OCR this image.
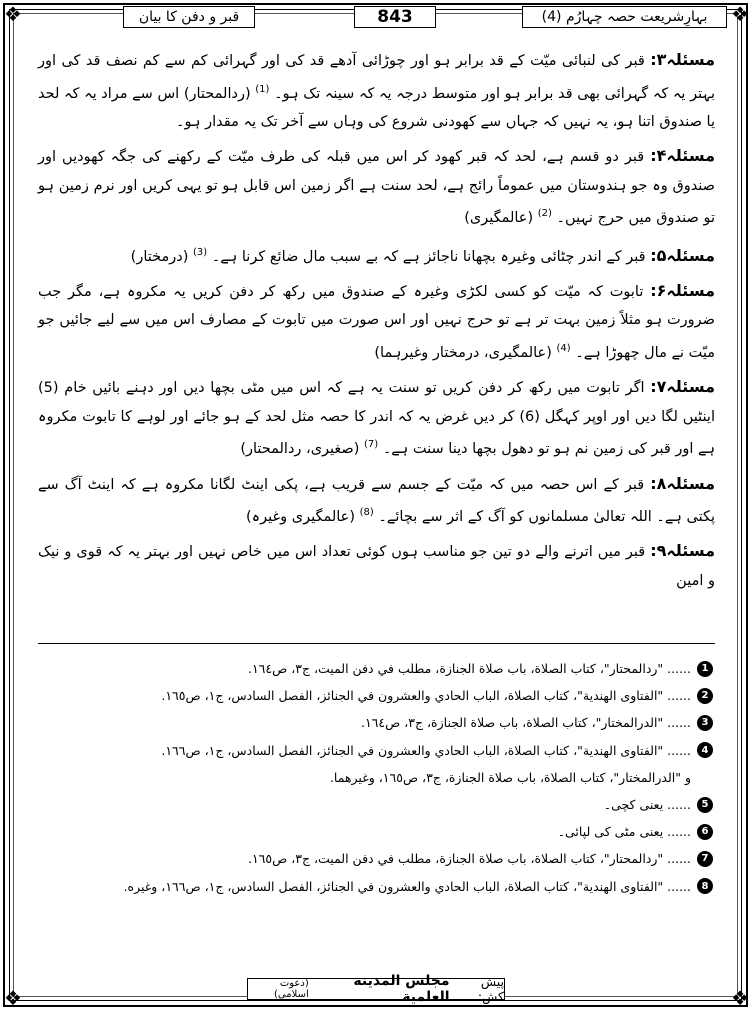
❖	❖
❖	❖
قبر و دفن کا بیان	843	بہارِشریعت حصہ چہارُم (4)

مسئلہ۳: قبر کی لنبائی میّت کے قد برابر ہو اور چوڑائی آدھے قد کی اور گہرائی کم سے کم نصف قد کی اور بہتر یہ کہ گہرائی بھی قد برابر ہو اور متوسط درجہ یہ کہ سینہ تک ہو۔ $^{(1)}$ (ردالمحتار) اس سے مراد یہ کہ لحد یا صندوق اتنا ہو، یہ نہیں کہ جہاں سے کھودنی شروع کی وہاں سے آخر تک یہ مقدار ہو۔

مسئلہ۴: قبر دو قسم ہے، لحد کہ قبر کھود کر اس میں قبلہ کی طرف میّت کے رکھنے کی جگہ کھودیں اور صندوق وہ جو ہندوستان میں عموماً رائج ہے، لحد سنت ہے اگر زمین اس قابل ہو تو یہی کریں اور نرم زمین ہو تو صندوق میں حرج نہیں۔ $^{(2)}$ (عالمگیری)

مسئلہ۵: قبر کے اندر چٹائی وغیرہ بچھانا ناجائز ہے کہ بے سبب مال ضائع کرنا ہے۔ $^{(3)}$ (درمختار)

مسئلہ۶: تابوت کہ میّت کو کسی لکڑی وغیرہ کے صندوق میں رکھ کر دفن کریں یہ مکروہ ہے، مگر جب ضرورت ہو مثلاً زمین بہت تر ہے تو حرج نہیں اور اس صورت میں تابوت کے مصارف اس میں سے لیے جائیں جو میّت نے مال چھوڑا ہے۔ $^{(4)}$ (عالمگیری، درمختار وغیرہما)

مسئلہ۷: اگر تابوت میں رکھ کر دفن کریں تو سنت یہ ہے کہ اس میں مٹی بچھا دیں اور دہنے بائیں خام (5) اینٹیں لگا دیں اور اوپر کہگل (6) کر دیں غرض یہ کہ اندر کا حصہ مثل لحد کے ہو جائے اور لوہے کا تابوت مکروہ ہے اور قبر کی زمین نم ہو تو دھول بچھا دینا سنت ہے۔ $^{(7)}$ (صغیری، ردالمحتار)

مسئلہ۸: قبر کے اس حصہ میں کہ میّت کے جسم سے قریب ہے، پکی اینٹ لگانا مکروہ ہے کہ اینٹ آگ سے پکتی ہے۔ اللہ تعالیٰ مسلمانوں کو آگ کے اثر سے بچائے۔ $^{(8)}$ (عالمگیری وغیرہ)

مسئلہ۹: قبر میں اترنے والے دو تین جو مناسب ہوں کوئی تعداد اس میں خاص نہیں اور بہتر یہ کہ قوی و نیک و امین

1
...... "ردالمحتار"، كتاب الصلاة، باب صلاة الجنازة، مطلب في دفن الميت، ج٣، ص١٦٤.
2
...... "الفتاوى الهندية"، كتاب الصلاة، الباب الحادي والعشرون في الجنائز، الفصل السادس، ج١، ص١٦٥.
3
...... "الدرالمختار"، كتاب الصلاة، باب صلاة الجنازة، ج٣، ص١٦٤.
4
...... "الفتاوى الهندية"، كتاب الصلاة، الباب الحادي والعشرون في الجنائز، الفصل السادس، ج١، ص١٦٦.
و "الدرالمختار"، كتاب الصلاة، باب صلاة الجنازة، ج٣، ص١٦٥، وغيرهما.
5
...... یعنی کچی۔
6
...... یعنی مٹی کی لپائی۔
7
...... "ردالمحتار"، كتاب الصلاة، باب صلاة الجنازة، مطلب في دفن الميت، ج٣، ص١٦٥.
8
...... "الفتاوى الهندية"، كتاب الصلاة، الباب الحادي والعشرون في الجنائز، الفصل السادس، ج١، ص١٦٦، وغيره.
پیش کش:
مجلس المدينة العلمية
(دعوت اسلامی)
